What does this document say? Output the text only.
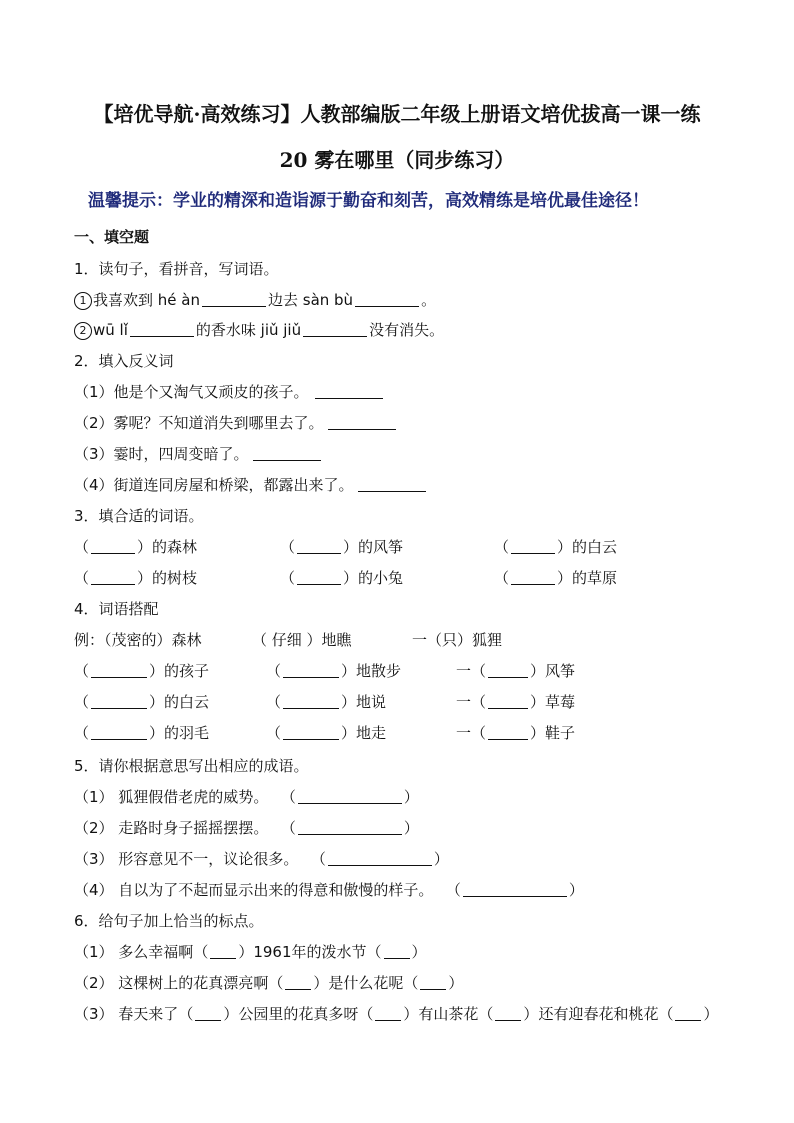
【培优导航·高效练习】人教部编版二年级上册语文培优拔高一课一练
20 雾在哪里（同步练习）
温馨提示：学业的精深和造诣源于勤奋和刻苦，高效精练是培优最佳途径！
一、填空题
1．读句子，看拼音，写词语。
1 我喜欢到 hé àn	边去 sàn bù	。
2 wū lǐ	的香水味 jiǔ jiǔ	没有消失。
2．填入反义词
（1）他是个又淘气又顽皮的孩子。
（2）雾呢？不知道消失到哪里去了。
（3）霎时，四周变暗了。
（4）街道连同房屋和桥梁，都露出来了。
3．填合适的词语。
（	）的森林	（	）的风筝	（	）的白云
（	）的树枝	（	）的小兔	（	）的草原
4．词语搭配
例：（茂密的）森林	（ 仔细 ）地瞧	一（只）狐狸
（	）的孩子	（	）地散步	一（	）风筝
（	）的白云	（	）地说	一（	）草莓
（	）的羽毛	（	）地走	一（	）鞋子
5．请你根据意思写出相应的成语。
（1） 狐狸假借老虎的威势。 （	）
（2） 走路时身子摇摇摆摆。 （	）
（3） 形容意见不一，议论很多。 （	）
（4） 自以为了不起而显示出来的得意和傲慢的样子。 （	）
6．给句子加上恰当的标点。
（1） 多么幸福啊（ ）1961年的泼水节（ ）
（2） 这棵树上的花真漂亮啊（ ）是什么花呢（ ）
（3） 春天来了（ ）公园里的花真多呀（ ）有山茶花（ ）还有迎春花和桃花（ ）
